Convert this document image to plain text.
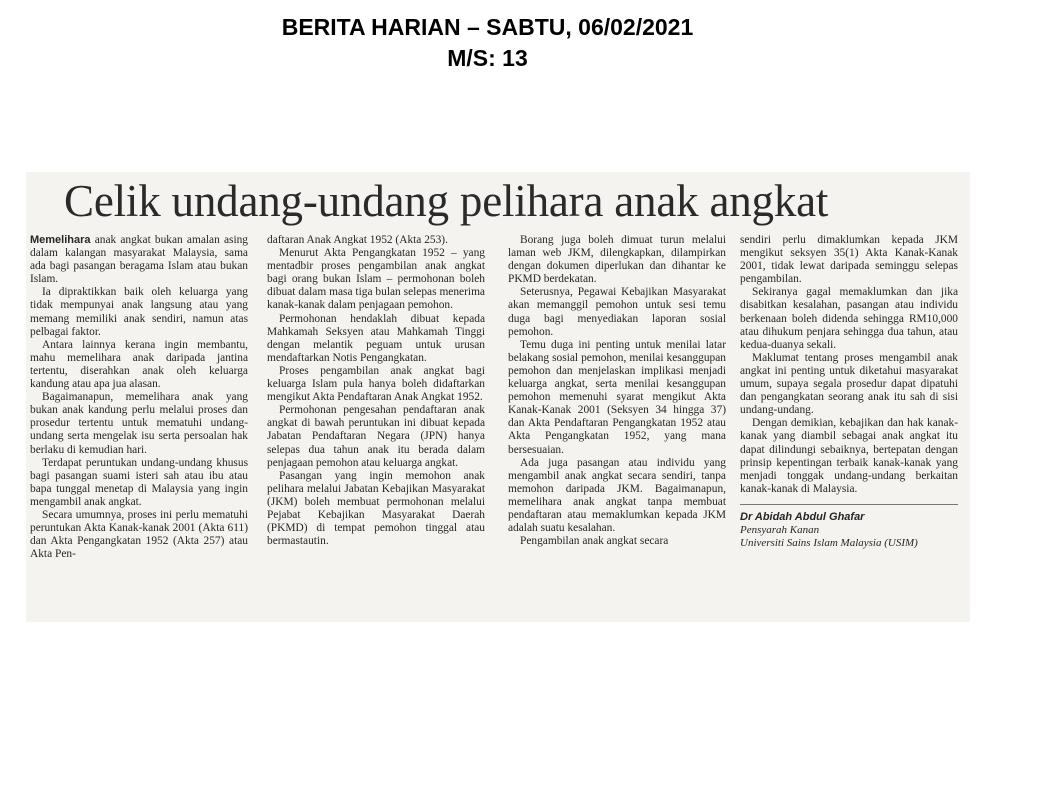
BERITA HARIAN – SABTU, 06/02/2021
M/S: 13
Celik undang-undang pelihara anak angkat

Memelihara anak angkat bukan amalan asing dalam kalangan masyarakat Malaysia, sama ada bagi pasangan beragama Islam atau bukan Islam.

Ia dipraktikkan baik oleh keluarga yang tidak mempunyai anak langsung atau yang memang memiliki anak sendiri, namun atas pelbagai faktor.

Antara lainnya kerana ingin membantu, mahu memelihara anak daripada jantina tertentu, diserahkan anak oleh keluarga kandung atau apa jua alasan.

Bagaimanapun, memelihara anak yang bukan anak kandung perlu melalui proses dan prosedur tertentu untuk mematuhi undang-undang serta mengelak isu serta persoalan hak berlaku di kemudian hari.

Terdapat peruntukan undang-undang khusus bagi pasangan suami isteri sah atau ibu atau bapa tunggal menetap di Malaysia yang ingin mengambil anak angkat.

Secara umumnya, proses ini perlu mematuhi peruntukan Akta Kanak-kanak 2001 (Akta 611) dan Akta Pengangkatan 1952 (Akta 257) atau Akta Pen-

daftaran Anak Angkat 1952 (Akta 253).

Menurut Akta Pengangkatan 1952 – yang mentadbir proses pengambilan anak angkat bagi orang bukan Islam – permohonan boleh dibuat dalam masa tiga bulan selepas menerima kanak-kanak dalam penjagaan pemohon.

Permohonan hendaklah dibuat kepada Mahkamah Seksyen atau Mahkamah Tinggi dengan melantik peguam untuk urusan mendaftarkan Notis Pengangkatan.

Proses pengambilan anak angkat bagi keluarga Islam pula hanya boleh didaftarkan mengikut Akta Pendaftaran Anak Angkat 1952.

Permohonan pengesahan pendaftaran anak angkat di bawah peruntukan ini dibuat kepada Jabatan Pendaftaran Negara (JPN) hanya selepas dua tahun anak itu berada dalam penjagaan pemohon atau keluarga angkat.

Pasangan yang ingin memohon anak pelihara melalui Jabatan Kebajikan Masyarakat (JKM) boleh membuat permohonan melalui Pejabat Kebajikan Masyarakat Daerah (PKMD) di tempat pemohon tinggal atau bermastautin.

Borang juga boleh dimuat turun melalui laman web JKM, dilengkapkan, dilampirkan dengan dokumen diperlukan dan dihantar ke PKMD berdekatan.

Seterusnya, Pegawai Kebajikan Masyarakat akan memanggil pemohon untuk sesi temu duga bagi menyediakan laporan sosial pemohon.

Temu duga ini penting untuk menilai latar belakang sosial pemohon, menilai kesanggupan pemohon dan menjelaskan implikasi menjadi keluarga angkat, serta menilai kesanggupan pemohon memenuhi syarat mengikut Akta Kanak-Kanak 2001 (Seksyen 34 hingga 37) dan Akta Pendaftaran Pengangkatan 1952 atau Akta Pengangkatan 1952, yang mana bersesuaian.

Ada juga pasangan atau individu yang mengambil anak angkat secara sendiri, tanpa memohon daripada JKM. Bagaimanapun, memelihara anak angkat tanpa membuat pendaftaran atau memaklumkan kepada JKM adalah suatu kesalahan.

Pengambilan anak angkat secara

sendiri perlu dimaklumkan kepada JKM mengikut seksyen 35(1) Akta Kanak-Kanak 2001, tidak lewat daripada seminggu selepas pengambilan.

Sekiranya gagal memaklumkan dan jika disabitkan kesalahan, pasangan atau individu berkenaan boleh didenda sehingga RM10,000 atau dihukum penjara sehingga dua tahun, atau kedua-duanya sekali.

Maklumat tentang proses mengambil anak angkat ini penting untuk diketahui masyarakat umum, supaya segala prosedur dapat dipatuhi dan pengangkatan seorang anak itu sah di sisi undang-undang.

Dengan demikian, kebajikan dan hak kanak-kanak yang diambil sebagai anak angkat itu dapat dilindungi sebaiknya, bertepatan dengan prinsip kepentingan terbaik kanak-kanak yang menjadi tonggak undang-undang berkaitan kanak-kanak di Malaysia.

Dr Abidah Abdul Ghafar
Pensyarah Kanan
Universiti Sains Islam Malaysia (USIM)
